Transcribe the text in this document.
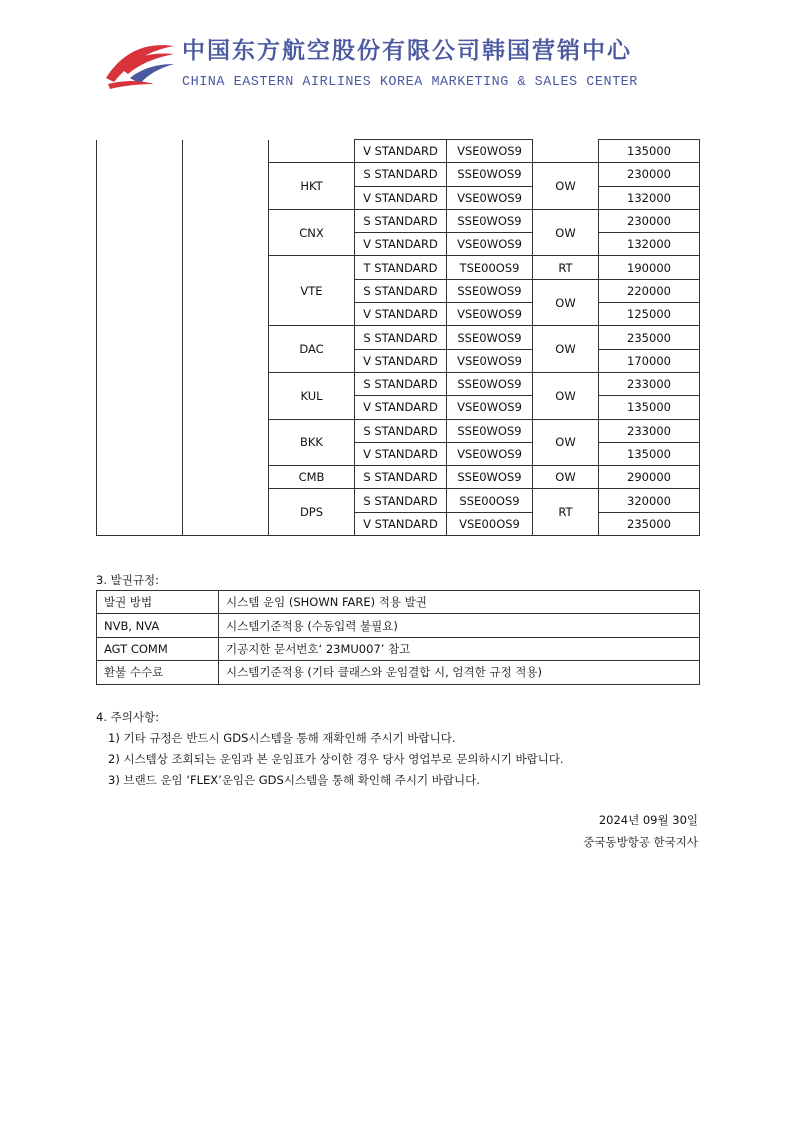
中国东方航空股份有限公司韩国营销中心
CHINA EASTERN AIRLINES KOREA MARKETING & SALES CENTER
			V STANDARD	VSE0WOS9		135000
		HKT	S STANDARD	SSE0WOS9	OW	230000
			V STANDARD	VSE0WOS9		132000
		CNX	S STANDARD	SSE0WOS9	OW	230000
			V STANDARD	VSE0WOS9		132000
		VTE	T STANDARD	TSE00OS9	RT	190000
			S STANDARD	SSE0WOS9	OW	220000
			V STANDARD	VSE0WOS9		125000
		DAC	S STANDARD	SSE0WOS9	OW	235000
			V STANDARD	VSE0WOS9		170000
		KUL	S STANDARD	SSE0WOS9	OW	233000
			V STANDARD	VSE0WOS9		135000
		BKK	S STANDARD	SSE0WOS9	OW	233000
			V STANDARD	VSE0WOS9		135000
		CMB	S STANDARD	SSE0WOS9	OW	290000
		DPS	S STANDARD	SSE00OS9	RT	320000
			V STANDARD	VSE00OS9		235000
3. 발권규정:
발권 방법	시스템 운임 (SHOWN FARE) 적용 발권
NVB, NVA	시스템기준적용 (수동입력 불필요)
AGT COMM	기공지한 문서번호‘ 23MU007’ 참고
환불 수수료	시스템기준적용 (기타 클래스와 운임결합 시, 엄격한 규정 적용)
4. 주의사항:
1) 기타 규정은 반드시 GDS시스템을 통해 재확인해 주시기 바랍니다.
2) 시스템상 조회되는 운임과 본 운임표가 상이한 경우 당사 영업부로 문의하시기 바랍니다.
3) 브랜드 운임 ‘FLEX’운임은 GDS시스템을 통해 확인해 주시기 바랍니다.
2024년 09월 30일
중국동방항공 한국지사
